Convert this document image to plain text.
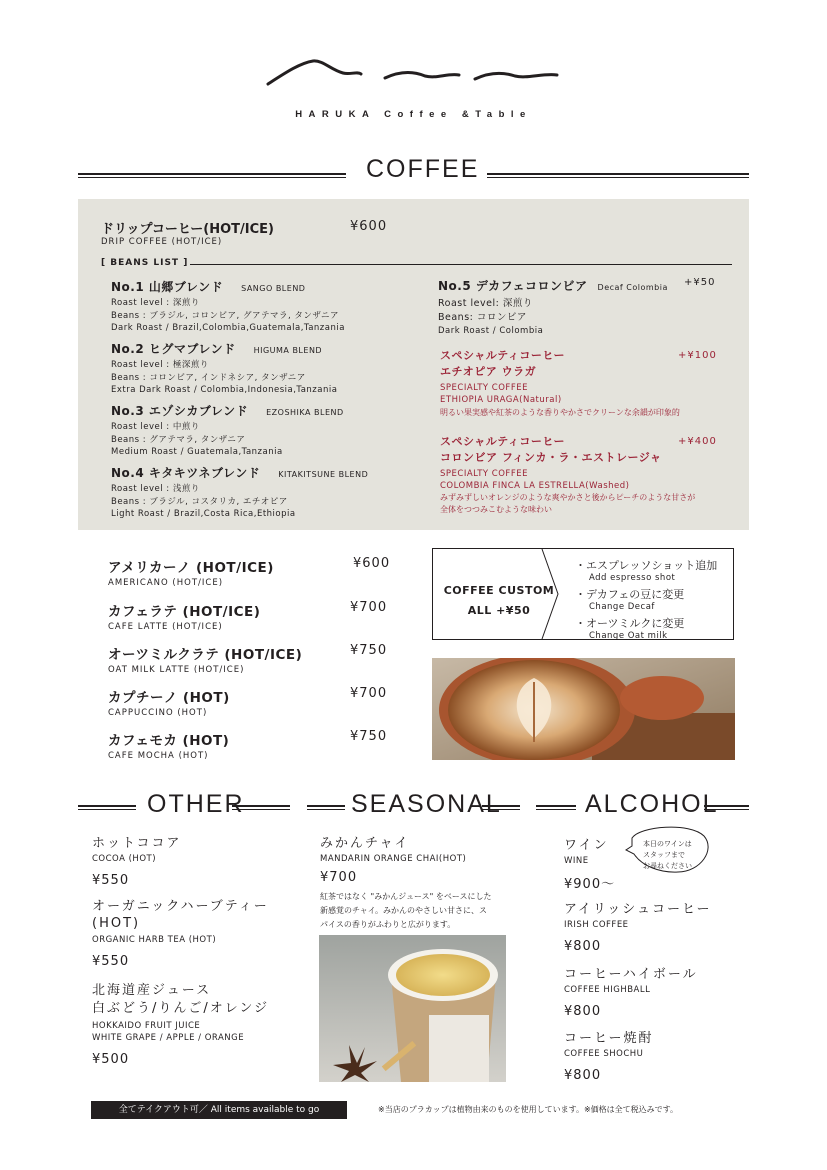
HARUKA Coffee &Table
COFFEE
ドリップコーヒー(HOT/ICE)
DRIP COFFEE (HOT/ICE)
¥600
[ BEANS LIST ]
No.1 山郷ブレンド SANGO BLEND
Roast level : 深煎り
Beans : ブラジル, コロンビア, グアテマラ, タンザニア
Dark Roast / Brazil,Colombia,Guatemala,Tanzania
No.2 ヒグマブレンド HIGUMA BLEND
Roast level : 極深煎り
Beans : コロンビア, インドネシア, タンザニア
Extra Dark Roast / Colombia,Indonesia,Tanzania
No.3 エゾシカブレンド EZOSHIKA BLEND
Roast level : 中煎り
Beans : グアテマラ, タンザニア
Medium Roast / Guatemala,Tanzania
No.4 キタキツネブレンド KITAKITSUNE BLEND
Roast level : 浅煎り
Beans : ブラジル, コスタリカ, エチオピア
Light Roast / Brazil,Costa Rica,Ethiopia
No.5 デカフェコロンビア Decaf Colombia +¥50
Roast level: 深煎り
Beans: コロンビア
Dark Roast / Colombia
スペシャルティコーヒー
エチオピア ウラガ
+¥100
SPECIALTY COFFEE
ETHIOPIA URAGA(Natural)
明るい果実感や紅茶のような香りやかさでクリーンな余韻が印象的
スペシャルティコーヒー
コロンビア フィンカ・ラ・エストレージャ
+¥400
SPECIALTY COFFEE
COLOMBIA FINCA LA ESTRELLA(Washed)
みずみずしいオレンジのような爽やかさと後からピーチのような甘さが
全体をつつみこむような味わい
アメリカーノ (HOT/ICE)
AMERICANO (HOT/ICE)
¥600
カフェラテ (HOT/ICE)
CAFE LATTE (HOT/ICE)
¥700
オーツミルクラテ (HOT/ICE)
OAT MILK LATTE (HOT/ICE)
¥750
カプチーノ (HOT)
CAPPUCCINO (HOT)
¥700
カフェモカ (HOT)
CAFE MOCHA (HOT)
¥750
COFFEE CUSTOM
ALL +¥50
・エスプレッソショット追加
Add espresso shot
・デカフェの豆に変更
Change Decaf
・オーツミルクに変更
Change Oat milk
OTHER	SEASONAL	ALCOHOL
ホットココア
COCOA (HOT)
¥550
オーガニックハーブティー (HOT)
ORGANIC HARB TEA (HOT)
¥550
北海道産ジュース
白ぶどう/りんご/オレンジ
HOKKAIDO FRUIT JUICE
WHITE GRAPE / APPLE / ORANGE
¥500
みかんチャイ
MANDARIN ORANGE CHAI(HOT)
¥700
紅茶ではなく "みかんジュース" をベースにした
新感覚のチャイ。みかんのやさしい甘さに、ス
パイスの香りがふわりと広がります。
ワイン
WINE
¥900〜
本日のワインは
スタッフまで
お尋ねください
アイリッシュコーヒー
IRISH COFFEE
¥800
コーヒーハイボール
COFFEE HIGHBALL
¥800
コーヒー焼酎
COFFEE SHOCHU
¥800
全てテイクアウト可／ All items available to go	※当店のプラカップは植物由来のものを使用しています。※価格は全て税込みです。
